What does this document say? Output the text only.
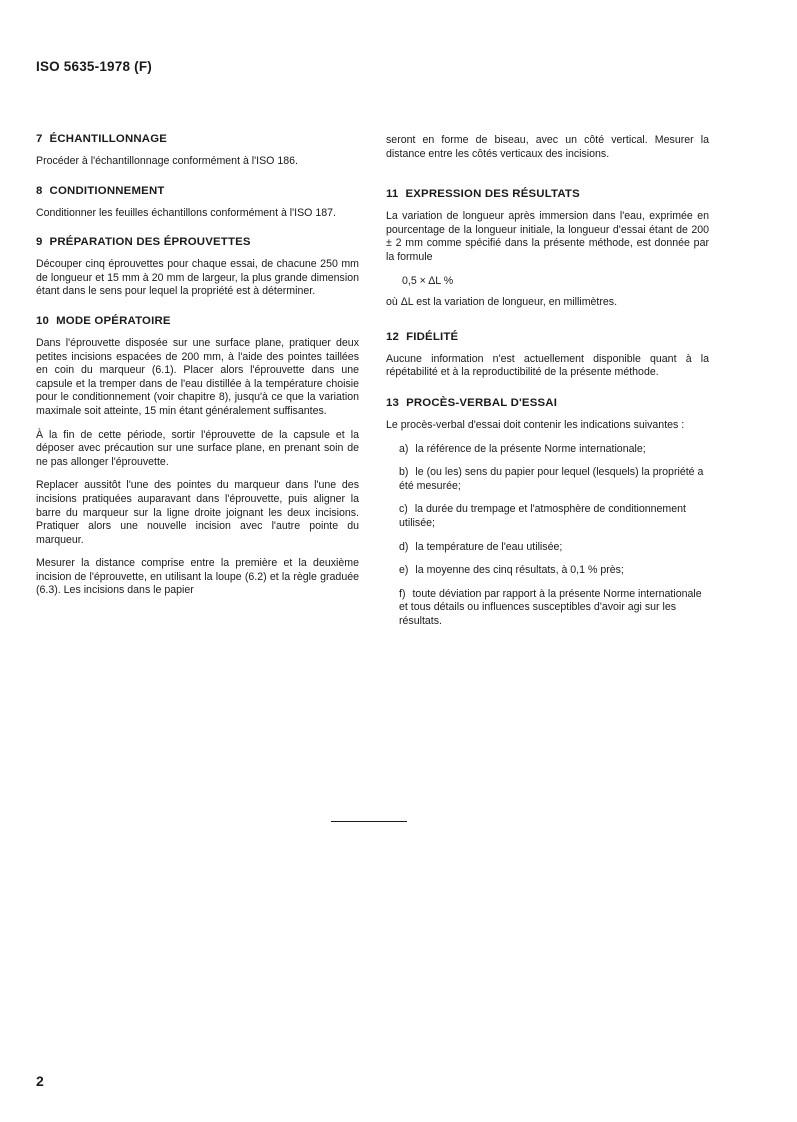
ISO 5635-1978 (F)
7 ÉCHANTILLONNAGE

Procéder à l'échantillonnage conformément à l'ISO 186.

8 CONDITIONNEMENT

Conditionner les feuilles échantillons conformément à l'ISO 187.

9 PRÉPARATION DES ÉPROUVETTES

Découper cinq éprouvettes pour chaque essai, de chacune 250 mm de longueur et 15 mm à 20 mm de largeur, la plus grande dimension étant dans le sens pour lequel la propriété est à déterminer.

10 MODE OPÉRATOIRE

Dans l'éprouvette disposée sur une surface plane, pratiquer deux petites incisions espacées de 200 mm, à l'aide des pointes taillées en coin du marqueur (6.1). Placer alors l'éprouvette dans une capsule et la tremper dans de l'eau distillée à la température choisie pour le conditionnement (voir chapitre 8), jusqu'à ce que la variation maximale soit atteinte, 15 min étant généralement suffisantes.

À la fin de cette période, sortir l'éprouvette de la capsule et la déposer avec précaution sur une surface plane, en prenant soin de ne pas allonger l'éprouvette.

Replacer aussitôt l'une des pointes du marqueur dans l'une des incisions pratiquées auparavant dans l'éprouvette, puis aligner la barre du marqueur sur la ligne droite joignant les deux incisions. Pratiquer alors une nouvelle incision avec l'autre pointe du marqueur.

Mesurer la distance comprise entre la première et la deuxième incision de l'éprouvette, en utilisant la loupe (6.2) et la règle graduée (6.3). Les incisions dans le papier

seront en forme de biseau, avec un côté vertical. Mesurer la distance entre les côtés verticaux des incisions.

11 EXPRESSION DES RÉSULTATS

La variation de longueur après immersion dans l'eau, exprimée en pourcentage de la longueur initiale, la longueur d'essai étant de 200 ± 2 mm comme spécifié dans la présente méthode, est donnée par la formule

0,5 × ΔL %

où ΔL est la variation de longueur, en millimètres.

12 FIDÉLITÉ

Aucune information n'est actuellement disponible quant à la répétabilité et à la reproductibilité de la présente méthode.

13 PROCÈS-VERBAL D'ESSAI

Le procès-verbal d'essai doit contenir les indications suivantes :

a) la référence de la présente Norme internationale;

b) le (ou les) sens du papier pour lequel (lesquels) la propriété a été mesurée;

c) la durée du trempage et l'atmosphère de conditionnement utilisée;

d) la température de l'eau utilisée;

e) la moyenne des cinq résultats, à 0,1 % près;

f) toute déviation par rapport à la présente Norme internationale et tous détails ou influences susceptibles d'avoir agi sur les résultats.

2
